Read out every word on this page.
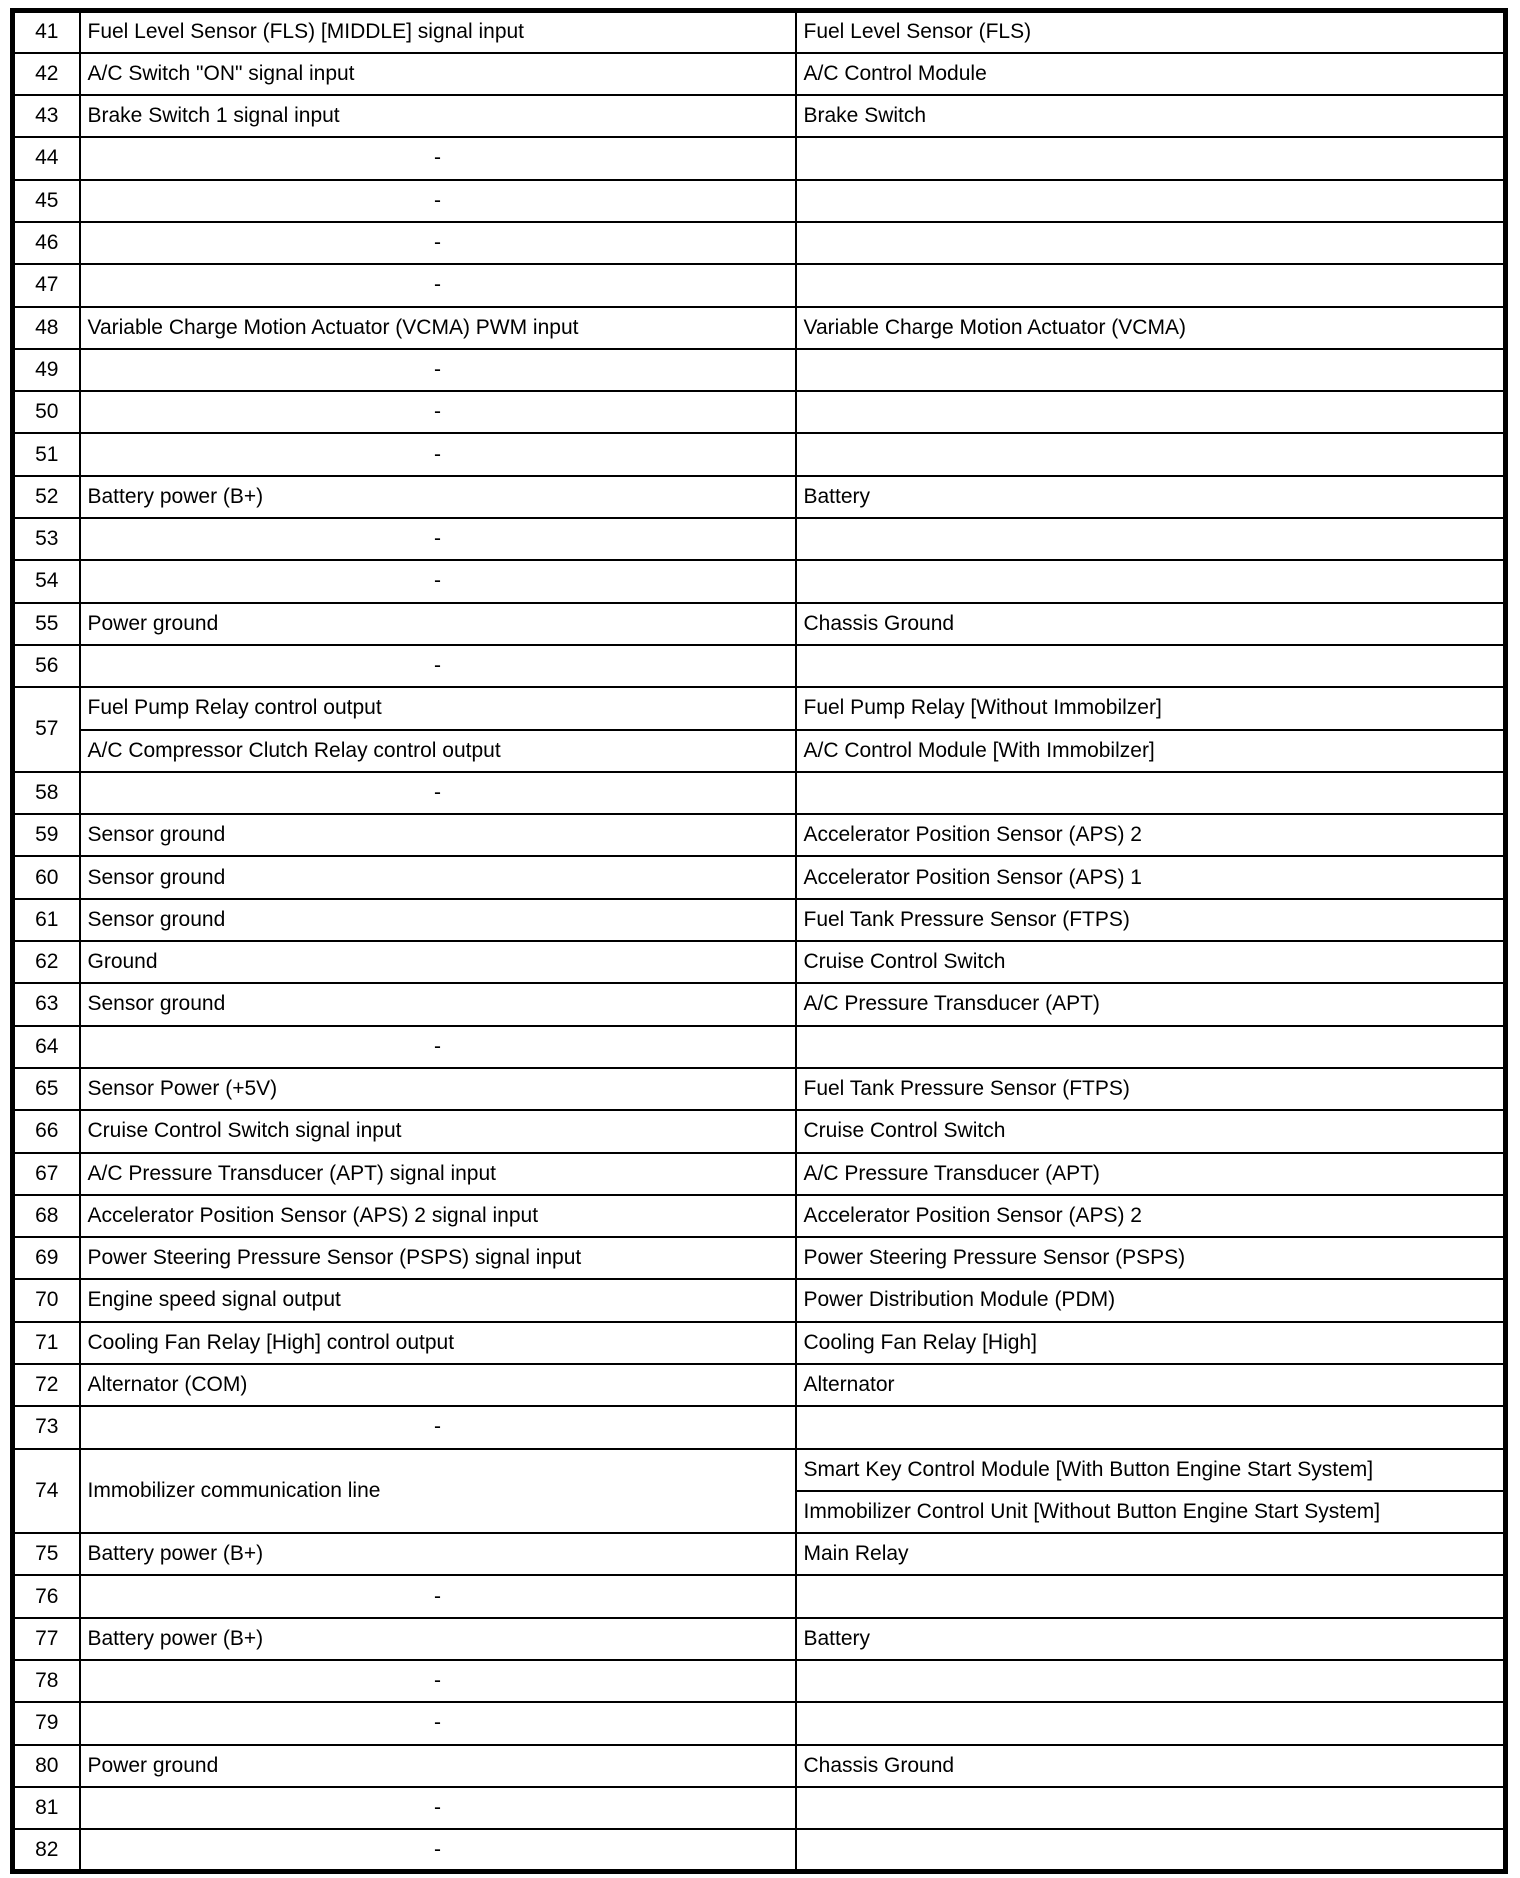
41	Fuel Level Sensor (FLS) [MIDDLE] signal input	Fuel Level Sensor (FLS)
42	A/C Switch "ON" signal input	A/C Control Module
43	Brake Switch 1 signal input	Brake Switch
44	-	
45	-	
46	-	
47	-	
48	Variable Charge Motion Actuator (VCMA) PWM input	Variable Charge Motion Actuator (VCMA)
49	-	
50	-	
51	-	
52	Battery power (B+)	Battery
53	-	
54	-	
55	Power ground	Chassis Ground
56	-	
57	Fuel Pump Relay control output	Fuel Pump Relay [Without Immobilzer]
	A/C Compressor Clutch Relay control output	A/C Control Module [With Immobilzer]
58	-	
59	Sensor ground	Accelerator Position Sensor (APS) 2
60	Sensor ground	Accelerator Position Sensor (APS) 1
61	Sensor ground	Fuel Tank Pressure Sensor (FTPS)
62	Ground	Cruise Control Switch
63	Sensor ground	A/C Pressure Transducer (APT)
64	-	
65	Sensor Power (+5V)	Fuel Tank Pressure Sensor (FTPS)
66	Cruise Control Switch signal input	Cruise Control Switch
67	A/C Pressure Transducer (APT) signal input	A/C Pressure Transducer (APT)
68	Accelerator Position Sensor (APS) 2 signal input	Accelerator Position Sensor (APS) 2
69	Power Steering Pressure Sensor (PSPS) signal input	Power Steering Pressure Sensor (PSPS)
70	Engine speed signal output	Power Distribution Module (PDM)
71	Cooling Fan Relay [High] control output	Cooling Fan Relay [High]
72	Alternator (COM)	Alternator
73	-	
74	Immobilizer communication line	Smart Key Control Module [With Button Engine Start System]
		Immobilizer Control Unit [Without Button Engine Start System]
75	Battery power (B+)	Main Relay
76	-	
77	Battery power (B+)	Battery
78	-	
79	-	
80	Power ground	Chassis Ground
81	-	
82	-	
